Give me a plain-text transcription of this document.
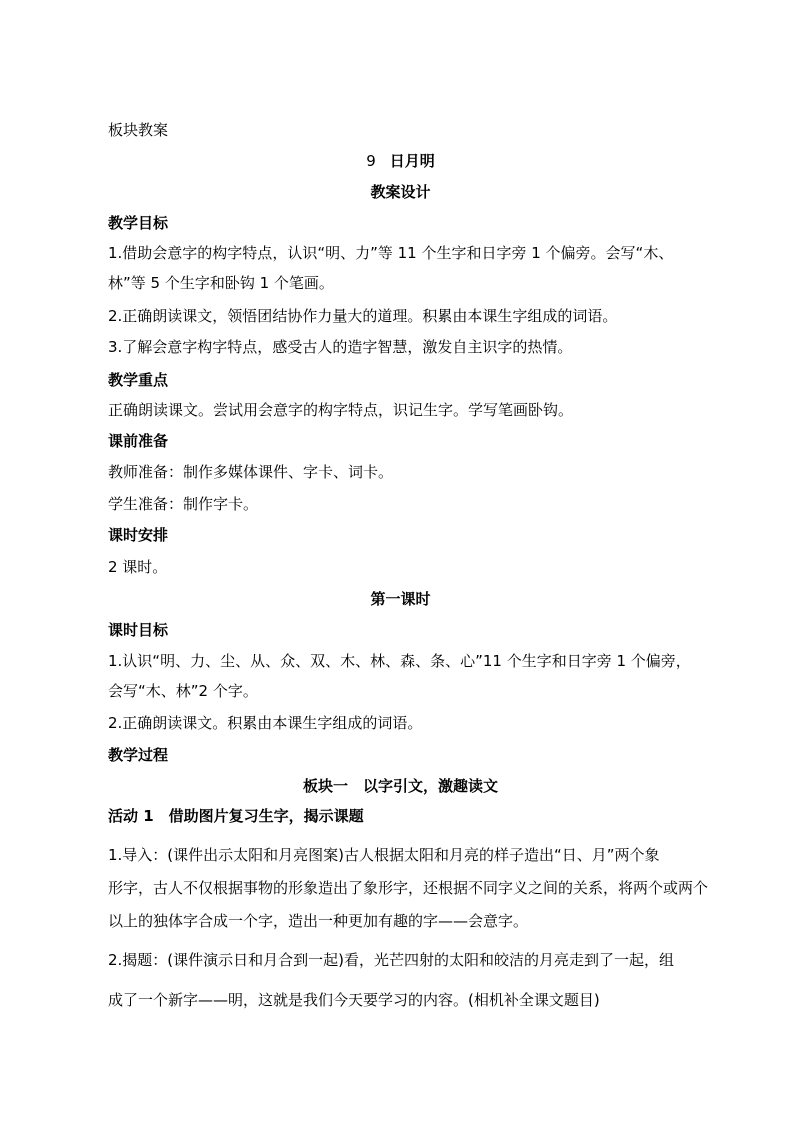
板块教案
9 日月明
教案设计
教学目标
1.借助会意字的构字特点，认识“明、力”等 11 个生字和日字旁 1 个偏旁。会写“木、
林”等 5 个生字和卧钩 1 个笔画。
2.正确朗读课文，领悟团结协作力量大的道理。积累由本课生字组成的词语。
3.了解会意字构字特点，感受古人的造字智慧，激发自主识字的热情。
教学重点
正确朗读课文。尝试用会意字的构字特点，识记生字。学写笔画卧钩。
课前准备
教师准备：制作多媒体课件、字卡、词卡。
学生准备：制作字卡。
课时安排
2 课时。
第一课时
课时目标
1.认识“明、力、尘、从、众、双、木、林、森、条、心”11 个生字和日字旁 1 个偏旁，
会写“木、林”2 个字。
2.正确朗读课文。积累由本课生字组成的词语。
教学过程
板块一　以字引文，激趣读文
活动 1　借助图片复习生字，揭示课题
1.导入：(课件出示太阳和月亮图案)古人根据太阳和月亮的样子造出“日、月”两个象
形字，古人不仅根据事物的形象造出了象形字，还根据不同字义之间的关系，将两个或两个
以上的独体字合成一个字，造出一种更加有趣的字——会意字。
2.揭题：(课件演示日和月合到一起)看，光芒四射的太阳和皎洁的月亮走到了一起，组
成了一个新字——明，这就是我们今天要学习的内容。(相机补全课文题目)
